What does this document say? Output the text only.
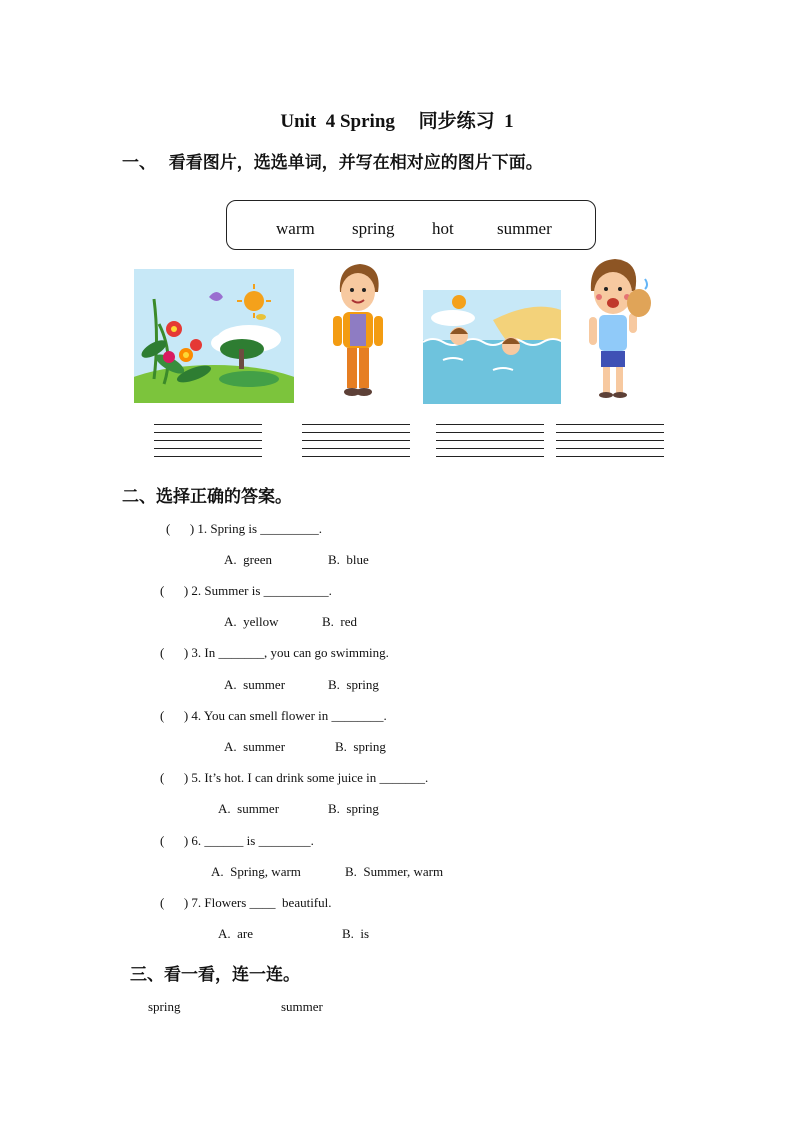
Unit  4 Spring     同步练习  1
一、   看看图片，选选单词，并写在相对应的图片下面。
warm spring hot	summer
二、选择正确的答案。
(      ) 1. Spring is _________.
A.  green	B.  blue
(      ) 2. Summer is __________.
A.  yellow	B.  red
(      ) 3. In _______, you can go swimming.
A.  summer	B.  spring
(      ) 4. You can smell flower in ________.
A.  summer	B.  spring
(      ) 5. It’s hot. I can drink some juice in _______.
A.  summer	B.  spring
(      ) 6. ______ is ________.
A.  Spring, warm	B.  Summer, warm
(      ) 7. Flowers ____  beautiful.
A.  are	B.  is
三、看一看，连一连。
spring	summer
